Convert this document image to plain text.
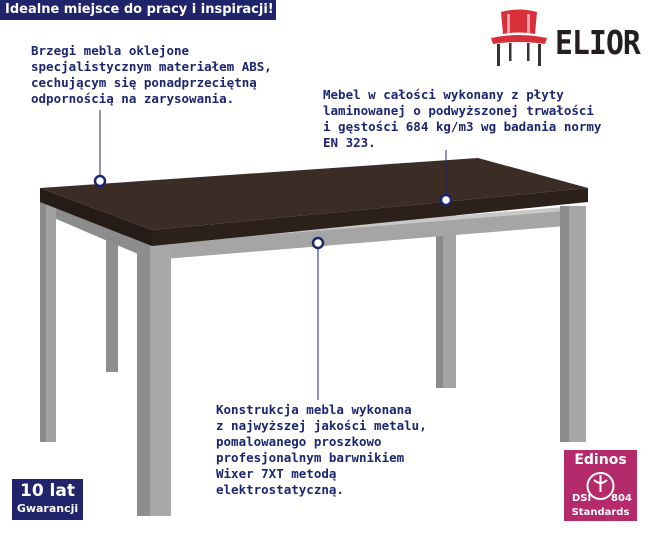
Idealne miejsce do pracy i inspiracji!
ELIOR
Brzegi mebla oklejone
specjalistycznym materiałem ABS,
cechującym się ponadprzeciętną
odpornością na zarysowania.	Mebel w całości wykonany z płyty
laminowanej o podwyższonej trwałości
i gęstości 684 kg/m3 wg badania normy
EN 323.
Konstrukcja mebla wykonana
z najwyższej jakości metalu,
pomalowanego proszkowo
profesjonalnym barwnikiem
Wixer 7XT metodą
elektrostatyczną.
10 lat
Gwarancji
Edinos
DSI 804
Standards
